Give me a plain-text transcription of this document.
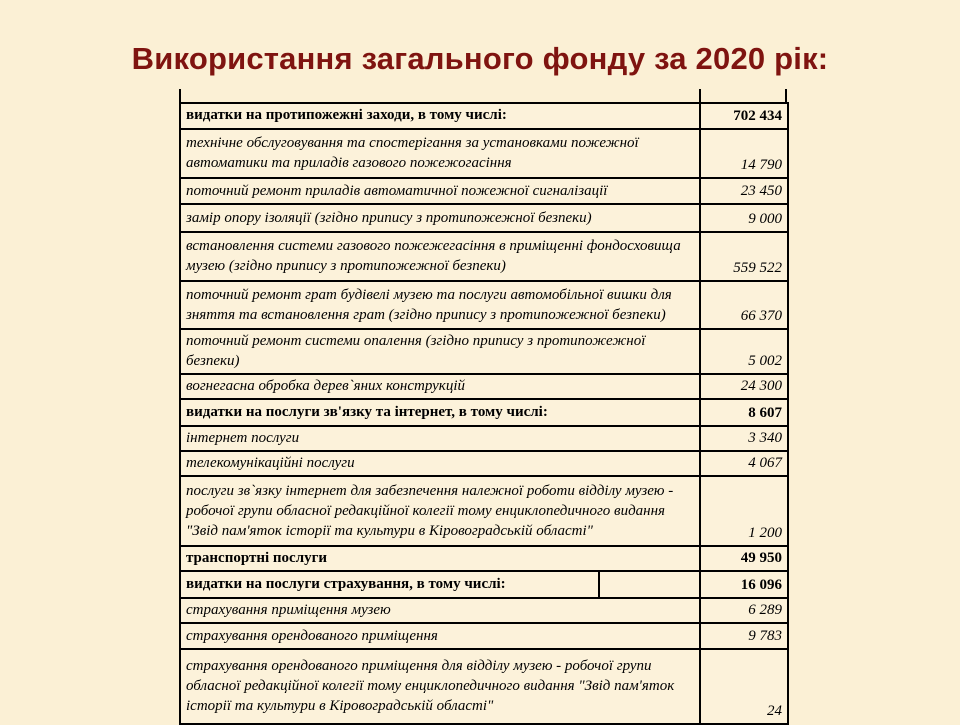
Використання загального фонду за 2020 рік:
видатки на протипожежні заходи, в тому числі:		702 434
технічне обслуговування та спостерігання за установками пожежної автоматики та приладів газового пожежогасіння		14 790
поточний ремонт приладів автоматичної пожежної сигналізації		23 450
замір опору ізоляції (згідно припису з протипожежної безпеки)		9 000
встановлення системи газового пожежегасіння в приміщенні фондосховища музею (згідно припису з протипожежної безпеки)		559 522
поточний ремонт грат будівелі музею та послуги автомобільної вишки для зняття та встановлення грат (згідно припису з протипожежної безпеки)		66 370
поточний ремонт системи опалення (згідно припису з протипожежної безпеки)		5 002
вогнегасна обробка дерев`яних конструкцій		24 300
видатки на послуги зв'язку та інтернет, в тому числі:		8 607
інтернет послуги		3 340
телекомунікаційні послуги		4 067
послуги зв`язку інтернет для забезпечення належної роботи відділу музею - робочої групи обласної редакційної колегії тому енциклопедичного видання "Звід пам'яток історії та культури в Кіровоградській області"		1 200
транспортні послуги		49 950
видатки на послуги страхування, в тому числі:		16 096
страхування приміщення музею		6 289
страхування орендованого приміщення		9 783
страхування орендованого приміщення для відділу музею - робочої групи обласної редакційної колегії тому енциклопедичного видання "Звід пам'яток історії та культури в Кіровоградській області"		24
